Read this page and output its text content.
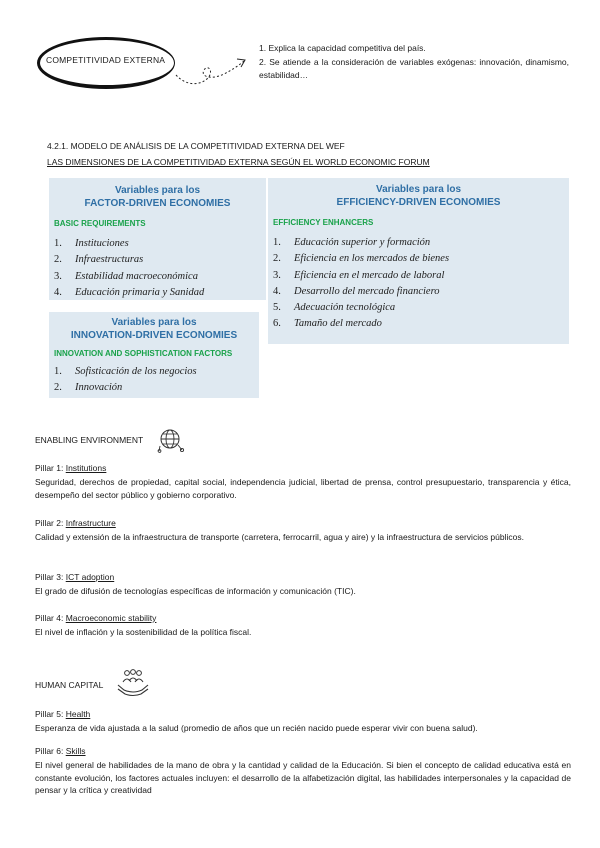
COMPETITIVIDAD EXTERNA

1. Explica la capacidad competitiva del país.

2. Se atiende a la consideración de variables exógenas: innovación, dinamismo, estabilidad…

4.2.1. MODELO DE ANÁLISIS DE LA COMPETITIVIDAD EXTERNA DEL WEF
LAS DIMENSIONES DE LA COMPETITIVIDAD EXTERNA SEGÚN EL WORLD ECONOMIC FORUM
Variables para los
FACTOR-DRIVEN ECONOMIES
BASIC REQUIREMENTS
1. Instituciones
2. Infraestructuras
3. Estabilidad macroeconómica
4. Educación primaria y Sanidad
Variables para los
EFFICIENCY-DRIVEN ECONOMIES
EFFICIENCY ENHANCERS
1. Educación superior y formación
2. Eficiencia en los mercados de bienes
3. Eficiencia en el mercado de laboral
4. Desarrollo del mercado financiero
5. Adecuación tecnológica
6. Tamaño del mercado
Variables para los
INNOVATION-DRIVEN ECONOMIES
INNOVATION AND SOPHISTICATION FACTORS
1. Sofisticación de los negocios
2. Innovación
ENABLING ENVIRONMENT
Pillar 1: Institutions

Seguridad, derechos de propiedad, capital social, independencia judicial, libertad de prensa, control presupuestario, transparencia y ética, desempeño del sector público y gobierno corporativo.

Pillar 2: Infrastructure

Calidad y extensión de la infraestructura de transporte (carretera, ferrocarril, agua y aire) y la infraestructura de servicios públicos.

Pillar 3: ICT adoption

El grado de difusión de tecnologías específicas de información y comunicación (TIC).

Pillar 4: Macroeconomic stability

El nivel de inflación y la sostenibilidad de la política fiscal.

HUMAN CAPITAL
Pillar 5: Health

Esperanza de vida ajustada a la salud (promedio de años que un recién nacido puede esperar vivir con buena salud).

Pillar 6: Skills

El nivel general de habilidades de la mano de obra y la cantidad y calidad de la Educación. Si bien el concepto de calidad educativa está en constante evolución, los factores actuales incluyen: el desarrollo de la alfabetización digital, las habilidades interpersonales y la capacidad de pensar y la crítica y creatividad
